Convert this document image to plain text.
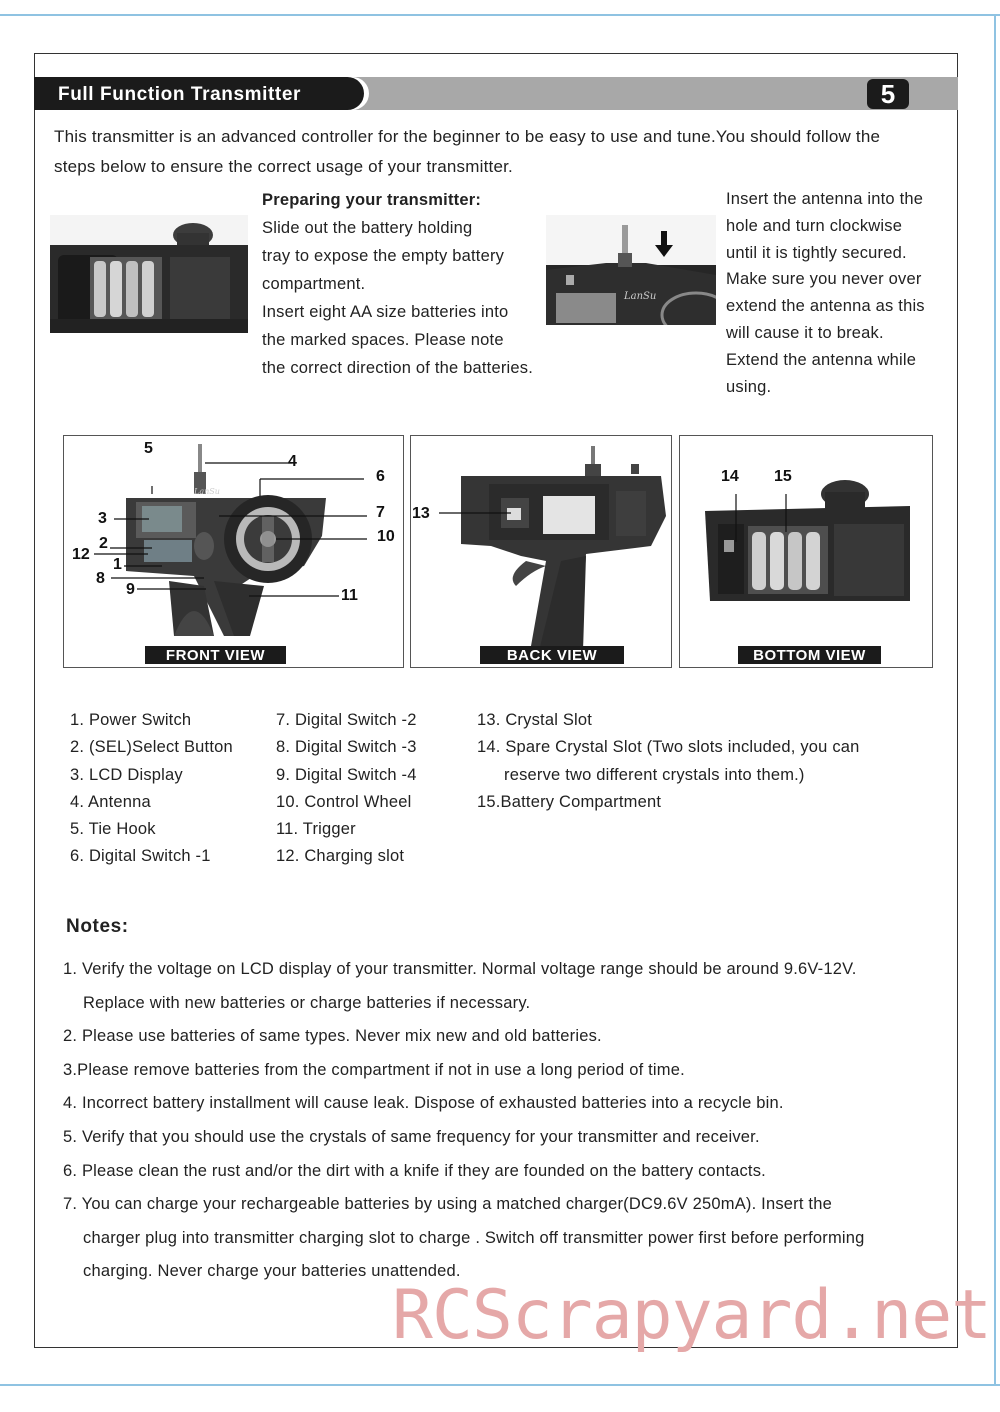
Full Function Transmitter	5
This transmitter is an advanced controller for the beginner to be easy to use and tune.You should follow the
steps below to ensure the correct usage of your transmitter.
Preparing your transmitter:
Slide out the battery holding
tray to expose the empty battery
compartment.
Insert eight AA size batteries into
the marked spaces. Please note
the correct direction of the batteries.
LanSu
Insert the antenna into the
hole and turn clockwise
until it is tightly secured.
Make sure you never over
extend the antenna as this
will cause it to break.
Extend the antenna while
using.
LanSu
5
4
6
7
10
3
2
12
1
8
9	11
FRONT VIEW
13
BACK VIEW
14 15
BOTTOM VIEW
1. Power Switch
2. (SEL)Select Button
3. LCD Display
4. Antenna
5. Tie Hook
6. Digital Switch -1
7. Digital Switch -2
8. Digital Switch -3
9. Digital Switch -4
10. Control Wheel
11. Trigger
12. Charging slot
13. Crystal Slot
14. Spare Crystal Slot (Two slots included, you can
reserve two different crystals into them.)
15.Battery Compartment
Notes:
1. Verify the voltage on LCD display of your transmitter. Normal voltage range should be around 9.6V-12V.
Replace with new batteries or charge batteries if necessary.
2. Please use batteries of same types. Never mix new and old batteries.
3.Please remove batteries from the compartment if not in use a long period of time.
4. Incorrect battery installment will cause leak. Dispose of exhausted batteries into a recycle bin.
5. Verify that you should use the crystals of same frequency for your transmitter and receiver.
6. Please clean the rust and/or the dirt with a knife if they are founded on the battery contacts.
7. You can charge your rechargeable batteries by using a matched charger(DC9.6V 250mA). Insert the
charger plug into transmitter charging slot to charge . Switch off transmitter power first before performing
charging. Never charge your batteries unattended.
RCScrapyard.net
